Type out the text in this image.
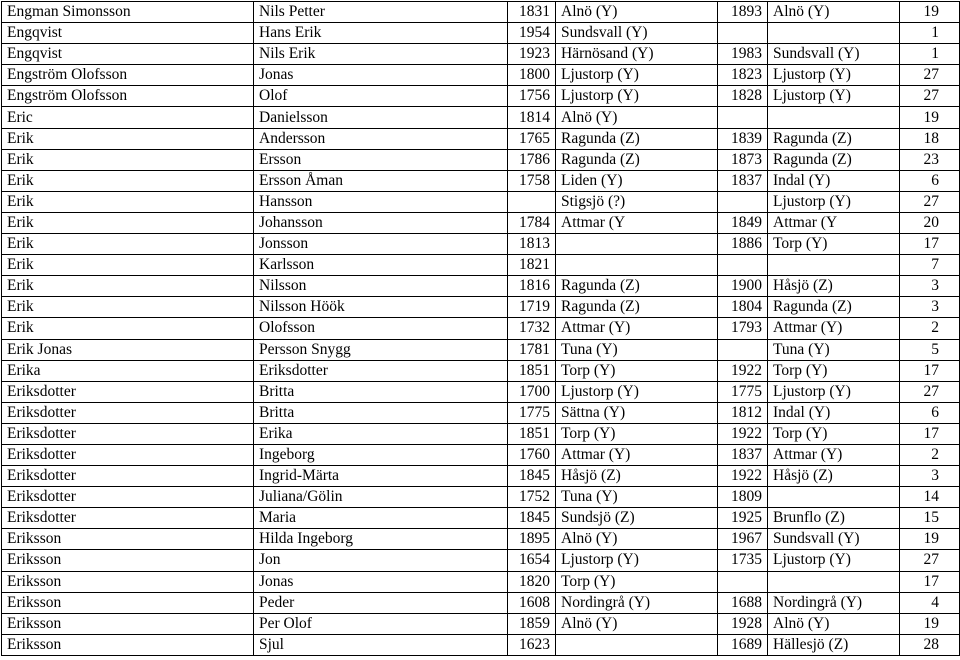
Engman Simonsson	Nils Petter	1831	Alnö (Y)	1893	Alnö (Y)	19
Engqvist	Hans Erik	1954	Sundsvall (Y)			1
Engqvist	Nils Erik	1923	Härnösand (Y)	1983	Sundsvall (Y)	1
Engström Olofsson	Jonas	1800	Ljustorp (Y)	1823	Ljustorp (Y)	27
Engström Olofsson	Olof	1756	Ljustorp (Y)	1828	Ljustorp (Y)	27
Eric	Danielsson	1814	Alnö (Y)			19
Erik	Andersson	1765	Ragunda (Z)	1839	Ragunda (Z)	18
Erik	Ersson	1786	Ragunda (Z)	1873	Ragunda (Z)	23
Erik	Ersson Åman	1758	Liden (Y)	1837	Indal (Y)	6
Erik	Hansson		Stigsjö (?)		Ljustorp (Y)	27
Erik	Johansson	1784	Attmar (Y	1849	Attmar (Y	20
Erik	Jonsson	1813		1886	Torp (Y)	17
Erik	Karlsson	1821				7
Erik	Nilsson	1816	Ragunda (Z)	1900	Håsjö (Z)	3
Erik	Nilsson Höök	1719	Ragunda (Z)	1804	Ragunda (Z)	3
Erik	Olofsson	1732	Attmar (Y)	1793	Attmar (Y)	2
Erik Jonas	Persson Snygg	1781	Tuna (Y)		Tuna (Y)	5
Erika	Eriksdotter	1851	Torp (Y)	1922	Torp (Y)	17
Eriksdotter	Britta	1700	Ljustorp (Y)	1775	Ljustorp (Y)	27
Eriksdotter	Britta	1775	Sättna (Y)	1812	Indal (Y)	6
Eriksdotter	Erika	1851	Torp (Y)	1922	Torp (Y)	17
Eriksdotter	Ingeborg	1760	Attmar (Y)	1837	Attmar (Y)	2
Eriksdotter	Ingrid-Märta	1845	Håsjö (Z)	1922	Håsjö (Z)	3
Eriksdotter	Juliana/Gölin	1752	Tuna (Y)	1809		14
Eriksdotter	Maria	1845	Sundsjö (Z)	1925	Brunflo (Z)	15
Eriksson	Hilda Ingeborg	1895	Alnö (Y)	1967	Sundsvall (Y)	19
Eriksson	Jon	1654	Ljustorp (Y)	1735	Ljustorp (Y)	27
Eriksson	Jonas	1820	Torp (Y)			17
Eriksson	Peder	1608	Nordingrå (Y)	1688	Nordingrå (Y)	4
Eriksson	Per Olof	1859	Alnö (Y)	1928	Alnö (Y)	19
Eriksson	Sjul	1623		1689	Hällesjö (Z)	28
